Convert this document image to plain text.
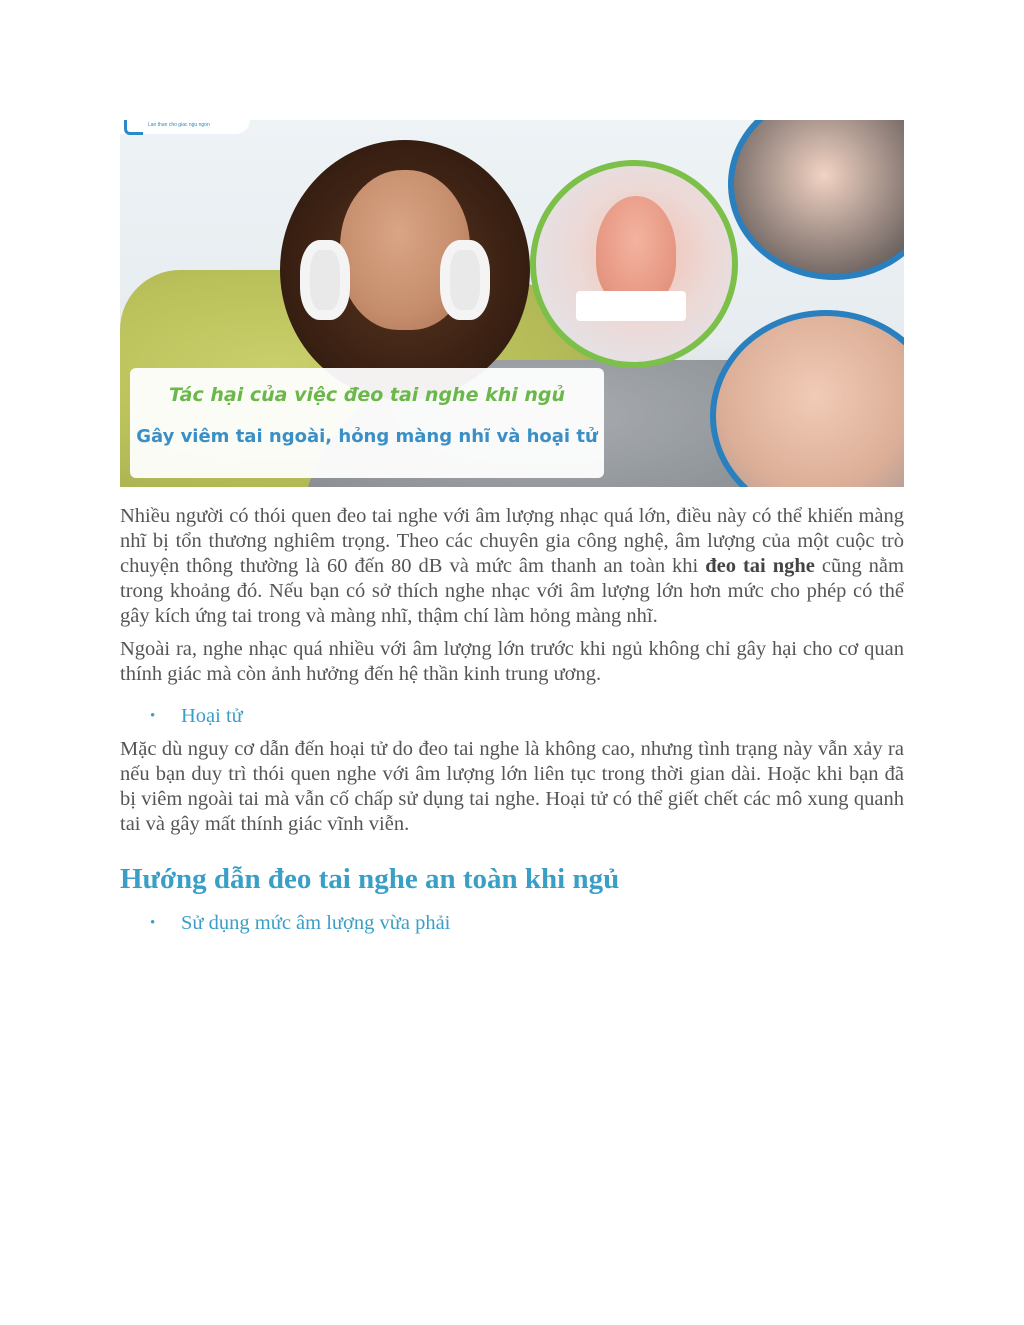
Lan than cho giac ngu ngon
Tác hại của việc đeo tai nghe khi ngủ
Gây viêm tai ngoài, hỏng màng nhĩ và hoại tử

Nhiều người có thói quen đeo tai nghe với âm lượng nhạc quá lớn, điều này có thể khiến màng nhĩ bị tổn thương nghiêm trọng. Theo các chuyên gia công nghệ, âm lượng của một cuộc trò chuyện thông thường là 60 đến 80 dB và mức âm thanh an toàn khi đeo tai nghe cũng nằm trong khoảng đó. Nếu bạn có sở thích nghe nhạc với âm lượng lớn hơn mức cho phép có thể gây kích ứng tai trong và màng nhĩ, thậm chí làm hỏng màng nhĩ.

Ngoài ra, nghe nhạc quá nhiều với âm lượng lớn trước khi ngủ không chỉ gây hại cho cơ quan thính giác mà còn ảnh hưởng đến hệ thần kinh trung ương.

• Hoại tử

Mặc dù nguy cơ dẫn đến hoại tử do đeo tai nghe là không cao, nhưng tình trạng này vẫn xảy ra nếu bạn duy trì thói quen nghe với âm lượng lớn liên tục trong thời gian dài. Hoặc khi bạn đã bị viêm ngoài tai mà vẫn cố chấp sử dụng tai nghe. Hoại tử có thể giết chết các mô xung quanh tai và gây mất thính giác vĩnh viễn.

Hướng dẫn đeo tai nghe an toàn khi ngủ
• Sử dụng mức âm lượng vừa phải
